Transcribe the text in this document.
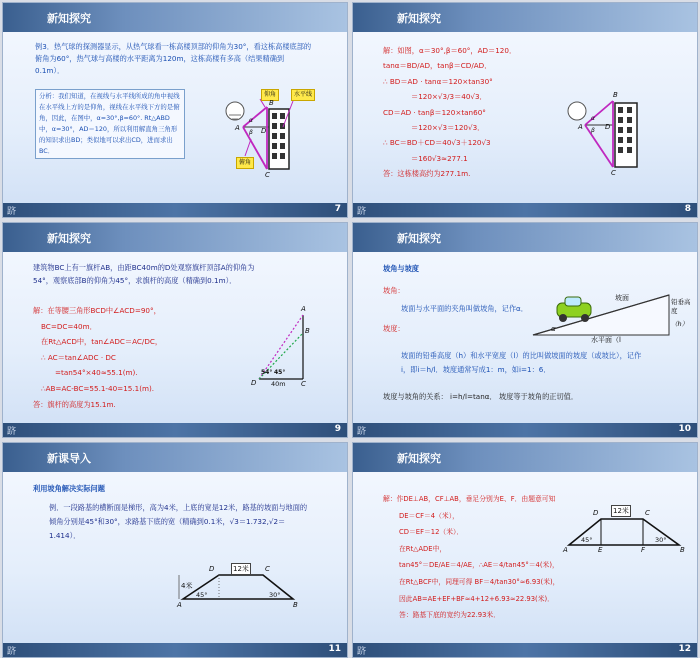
新知探究
例3．热气球的探测器显示，从热气球看一栋高楼顶部的仰角为30°，看这栋高楼底部的俯角为60°，热气球与高楼的水平距离为120m，这栋高楼有多高（结果精确到0.1m）．
分析：我们知道，在视线与水平线所成的角中视线在水平线上方的是仰角，视线在水平线下方的是俯角，因此，在图中，α=30°,β=60°. Rt△ABD中，α=30°，AD＝120，所以利用解直角三角形的知识求出BD；类似地可以求出CD，进而求出BC．
仰角	水平线
俯角
B
A	D
C
α
β
跻	7
新知探究
解：如图，α＝30°,β＝60°，AD＝120．
tanα＝BD/AD，tanβ＝CD/AD．
∴ BD＝AD · tanα＝120×tan30°
＝120×√3/3＝40√3．
CD＝AD · tanβ＝120×tan60°
＝120×√3＝120√3．
∴ BC＝BD＋CD＝40√3＋120√3
＝160√3≈277.1
答：这栋楼高约为277.1m.
B
A	D
C
α
β
跻	8
新知探究
建筑物BC上有一旗杆AB，由距BC40m的D处观察旗杆顶部A的仰角为54°，观察底部B的仰角为45°，求旗杆的高度（精确到0.1m）．
解：在等腰三角形BCD中∠ACD=90°，
BC=DC=40m．
在Rt△ACD中，tan∠ADC＝AC/DC，
∴ AC＝tan∠ADC · DC
=tan54°×40≈55.1(m).
∴AB=AC-BC=55.1-40=15.1(m).
答：旗杆的高度为15.1m.
A
B
D	C
54° 45°
40m
跻	9
新知探究
坡角与坡度
坡角：
坡面与水平面的夹角叫做坡角，记作α．
坡度：
坡面的铅垂高度（h）和水平宽度（l）的比叫做坡面的坡度（或坡比），记作 i，即i＝h/l．坡度通常写成1：m，如i=1：6．
坡度与坡角的关系： i=h/l=tanα． 坡度等于坡角的正切值．
坡面	铅垂高度
（h）
水平面（l
α
跻	10
新课导入
利用坡角解决实际问题
例．一段路基的横断面是梯形，高为4米，上底的宽是12米，路基的坡面与地面的倾角分别是45°和30°，求路基下底的宽（精确到0.1米，√3＝1.732,√2＝1.414）．
12米
4米
45°	30°
A	B
C
D
跻	11
新知探究
解：作DE⊥AB，CF⊥AB，垂足分别为E、F．由题意可知
DE＝CF＝4（米），
CD＝EF＝12（米）．
在Rt△ADE中，
tan45°＝DE/AE＝4/AE，∴AE＝4/tan45°＝4(米)，
在Rt△BCF中，同理可得 BF＝4/tan30°≈6.93(米)，
因此AB=AE+EF+BF≈4+12+6.93≈22.93(米)．
答：路基下底的宽约为22.93米．
12米
45°	30°
A	E	F	B
D	C
跻	12
